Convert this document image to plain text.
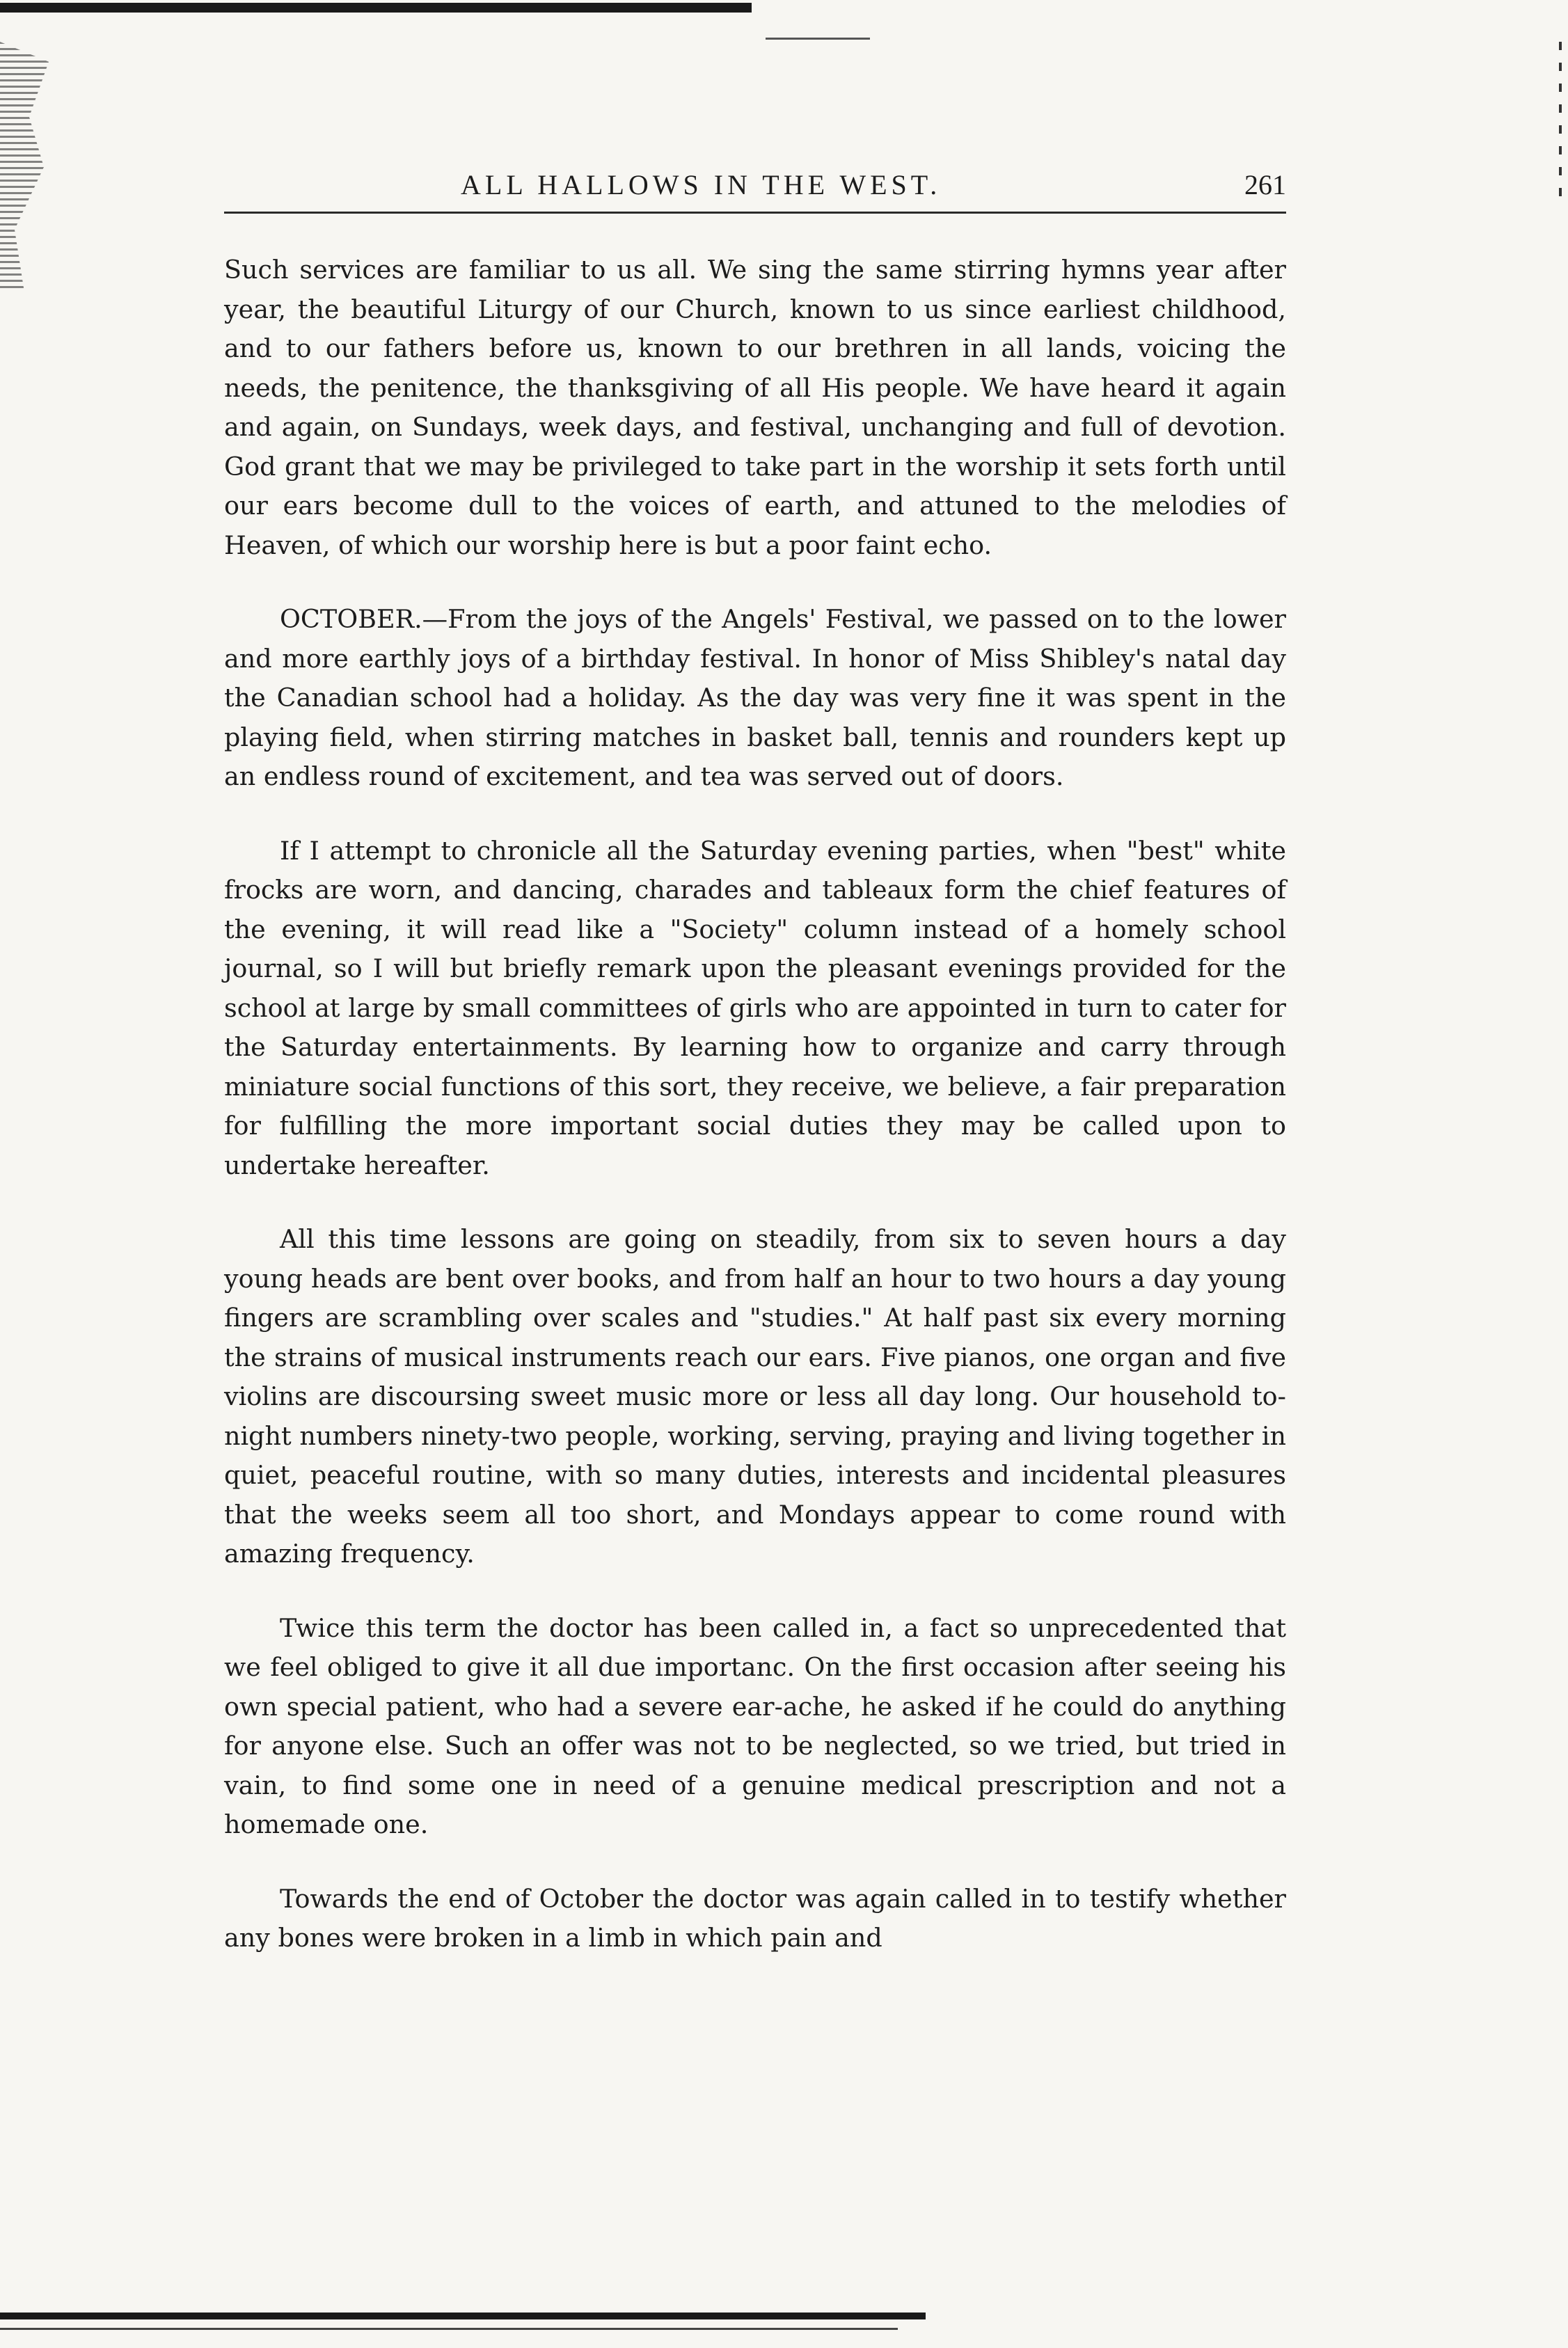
ALL HALLOWS IN THE WEST.	261

Such services are familiar to us all. We sing the same stirring hymns year after year, the beautiful Liturgy of our Church, known to us since earliest childhood, and to our fathers before us, known to our brethren in all lands, voicing the needs, the penitence, the thanksgiving of all His people. We have heard it again and again, on Sundays, week days, and festival, unchanging and full of devotion. God grant that we may be privileged to take part in the worship it sets forth until our ears become dull to the voices of earth, and attuned to the melodies of Heaven, of which our worship here is but a poor faint echo.

OCTOBER.—From the joys of the Angels' Festival, we passed on to the lower and more earthly joys of a birthday festival. In honor of Miss Shibley's natal day the Canadian school had a holiday. As the day was very fine it was spent in the playing field, when stirring matches in basket ball, tennis and rounders kept up an endless round of excitement, and tea was served out of doors.

If I attempt to chronicle all the Saturday evening parties, when "best" white frocks are worn, and dancing, charades and tableaux form the chief features of the evening, it will read like a "Society" column instead of a homely school journal, so I will but briefly remark upon the pleasant evenings provided for the school at large by small committees of girls who are appointed in turn to cater for the Saturday entertainments. By learning how to organize and carry through miniature social functions of this sort, they receive, we believe, a fair preparation for fulfilling the more important social duties they may be called upon to undertake hereafter.

All this time lessons are going on steadily, from six to seven hours a day young heads are bent over books, and from half an hour to two hours a day young fingers are scrambling over scales and "studies." At half past six every morning the strains of musical instruments reach our ears. Five pianos, one organ and five violins are discoursing sweet music more or less all day long. Our household to-night numbers ninety-two people, working, serving, praying and living together in quiet, peaceful routine, with so many duties, interests and incidental pleasures that the weeks seem all too short, and Mondays appear to come round with amazing frequency.

Twice this term the doctor has been called in, a fact so unprecedented that we feel obliged to give it all due importanc. On the first occasion after seeing his own special patient, who had a severe ear-ache, he asked if he could do anything for anyone else. Such an offer was not to be neglected, so we tried, but tried in vain, to find some one in need of a genuine medical prescription and not a homemade one.

Towards the end of October the doctor was again called in to testify whether any bones were broken in a limb in which pain and
